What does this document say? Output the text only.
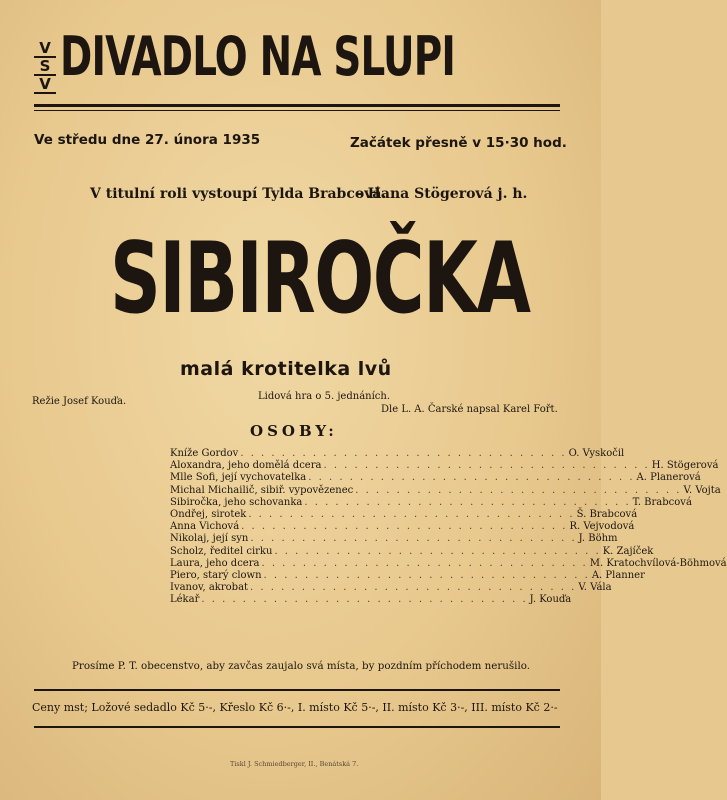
V
S
V DIVADLO NA SLUPI
Ve středu dne 27. února 1935	Začátek přesně v 15·30 hod.
V titulní roli vystoupí Tylda Brabcová.
- Hana Stögerová j. h.
SIBIROČKA
malá krotitelka lvů
Lidová hra o 5. jednáních.
Režie Josef Kouďa.
Dle L. A. Čarské napsal Karel Fořt.
OSOBY:
Kníže Gordov . . . . . . . . . . . . . . . . . . . . . . . . . . . . . . . . O. Vyskočil
Aloxandra, jeho domělá dcera . . . . . . . . . . . . . . . . . . . . . . . . . . . . . . . . H. Stögerová
Mlle Sofi, její vychovatelka . . . . . . . . . . . . . . . . . . . . . . . . . . . . . . . . A. Planerová
Michal Michailič, sibiř. vypovězenec . . . . . . . . . . . . . . . . . . . . . . . . . . . . . . . . V. Vojta
Sibiročka, jeho schovanka . . . . . . . . . . . . . . . . . . . . . . . . . . . . . . . . T. Brabcová
Ondřej, sirotek . . . . . . . . . . . . . . . . . . . . . . . . . . . . . . . . Š. Brabcová
Anna Vichová . . . . . . . . . . . . . . . . . . . . . . . . . . . . . . . . R. Vejvodová
Nikolaj, její syn . . . . . . . . . . . . . . . . . . . . . . . . . . . . . . . . J. Böhm
Scholz, ředitel cirku . . . . . . . . . . . . . . . . . . . . . . . . . . . . . . . . K. Zajíček
Laura, jeho dcera . . . . . . . . . . . . . . . . . . . . . . . . . . . . . . . . M. Kratochvílová-Böhmová
Piero, starý clown . . . . . . . . . . . . . . . . . . . . . . . . . . . . . . . . A. Planner
Ivanov, akrobat . . . . . . . . . . . . . . . . . . . . . . . . . . . . . . . . V. Vála
Lékař . . . . . . . . . . . . . . . . . . . . . . . . . . . . . . . . J. Kouďa
Prosíme P. T. obecenstvo, aby zavčas zaujalo svá místa, by pozdním příchodem nerušilo.
Ceny mst; Ložové sedadlo Kč 5·-, Křeslo Kč 6·-, I. místo Kč 5·-, II. místo Kč 3·-, III. místo Kč 2·-
Tiskl J. Schmiedberger, II., Benátská 7.
